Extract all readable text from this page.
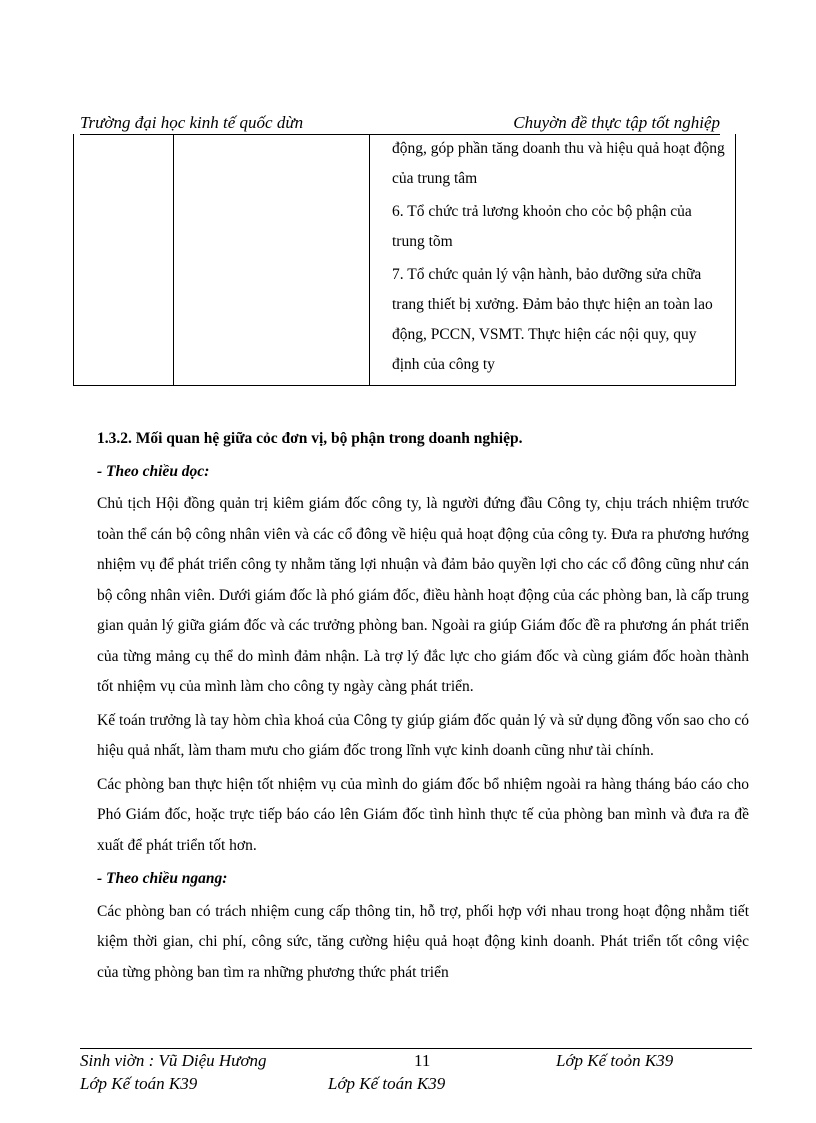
Trường đại học kinh tế quốc dừn	Chuyờn đề thực tập tốt nghiệp

động, góp phần tăng doanh thu và hiệu quả hoạt động của trung tâm

6. Tổ chức trả lương khoỏn cho cỏc bộ phận của trung tõm

7. Tổ chức quản lý vận hành, bảo dưỡng sửa chữa trang thiết bị xưởng. Đảm bảo thực hiện an toàn lao động, PCCN, VSMT. Thực hiện các nội quy, quy định của công ty

1.3.2. Mối quan hệ giữa cỏc đơn vị, bộ phận trong doanh nghiệp.
- Theo chiều dọc:

Chủ tịch Hội đồng quản trị kiêm giám đốc công ty, là người đứng đầu Công ty, chịu trách nhiệm trước toàn thể cán bộ công nhân viên và các cổ đông về hiệu quả hoạt động của công ty. Đưa ra phương hướng nhiệm vụ để phát triển công ty nhằm tăng lợi nhuận và đảm bảo quyền lợi cho các cổ đông cũng như cán bộ công nhân viên. Dưới giám đốc là phó giám đốc, điều hành hoạt động của các phòng ban, là cấp trung gian quản lý giữa giám đốc và các trưởng phòng ban. Ngoài ra giúp Giám đốc đề ra phương án phát triển của từng mảng cụ thể do mình đảm nhận. Là trợ lý đắc lực cho giám đốc và cùng giám đốc hoàn thành tốt nhiệm vụ của mình làm cho công ty ngày càng phát triển.

Kế toán trưởng là tay hòm chìa khoá của Công ty giúp giám đốc quản lý và sử dụng đồng vốn sao cho có hiệu quả nhất, làm tham mưu cho giám đốc trong lĩnh vực kinh doanh cũng như tài chính.

Các phòng ban thực hiện tốt nhiệm vụ của mình do giám đốc bổ nhiệm ngoài ra hàng tháng báo cáo cho Phó Giám đốc, hoặc trực tiếp báo cáo lên Giám đốc tình hình thực tế của phòng ban mình và đưa ra đề xuất để phát triển tốt hơn.

- Theo chiều ngang:

Các phòng ban có trách nhiệm cung cấp thông tin, hỗ trợ, phối hợp với nhau trong hoạt động nhằm tiết kiệm thời gian, chi phí, công sức, tăng cường hiệu quả hoạt động kinh doanh. Phát triển tốt công việc của từng phòng ban tìm ra những phương thức phát triển

Sinh viờn : Vũ Diệu Hương	11	Lớp Kế toỏn K39
Lớp Kế toán K39	Lớp Kế toán K39
